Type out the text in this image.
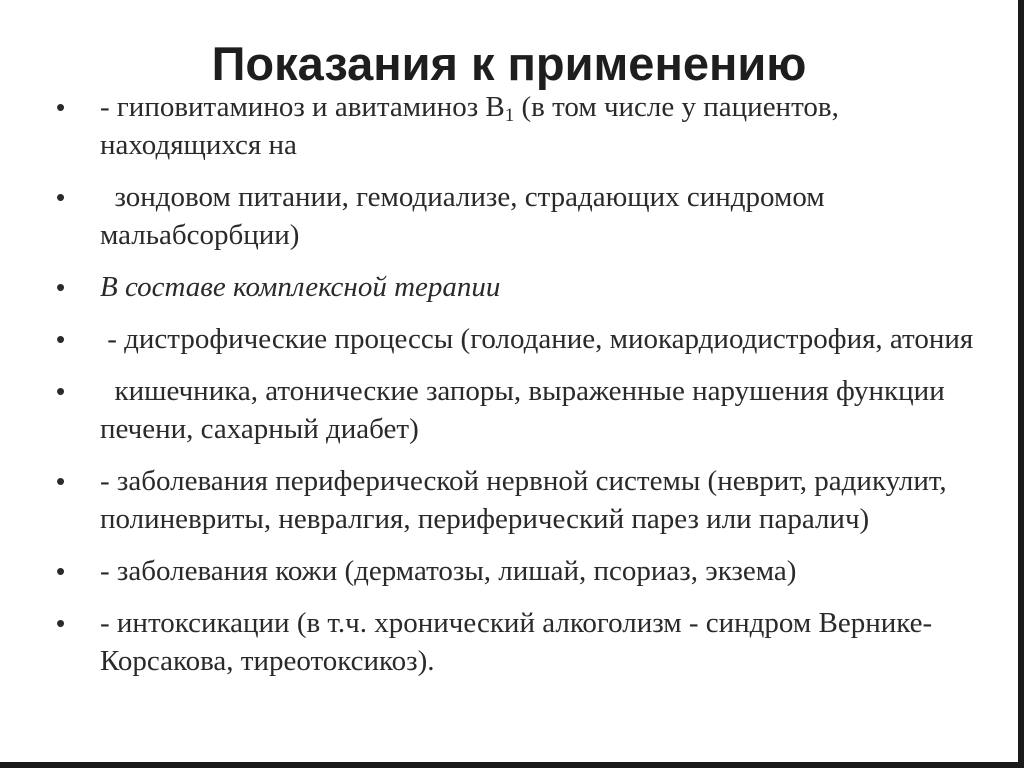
Показания к применению
• - гиповитаминоз и авитаминоз $В_1$ (в том числе у пациентов, находящихся на
• зондовом питании, гемодиализе, страдающих синдромом мальабсорбции)
• В составе комплексной терапии
• - дистрофические процессы (голодание, миокардиодистрофия, атония
• кишечника, атонические запоры, выраженные нарушения функции печени, сахарный диабет)
• - заболевания периферической нервной системы (неврит, радикулит, полиневриты, невралгия, периферический парез или паралич)
• - заболевания кожи (дерматозы, лишай, псориаз, экзема)
• - интоксикации (в т.ч. хронический алкоголизм - синдром Вернике-Корсакова, тиреотоксикоз).
